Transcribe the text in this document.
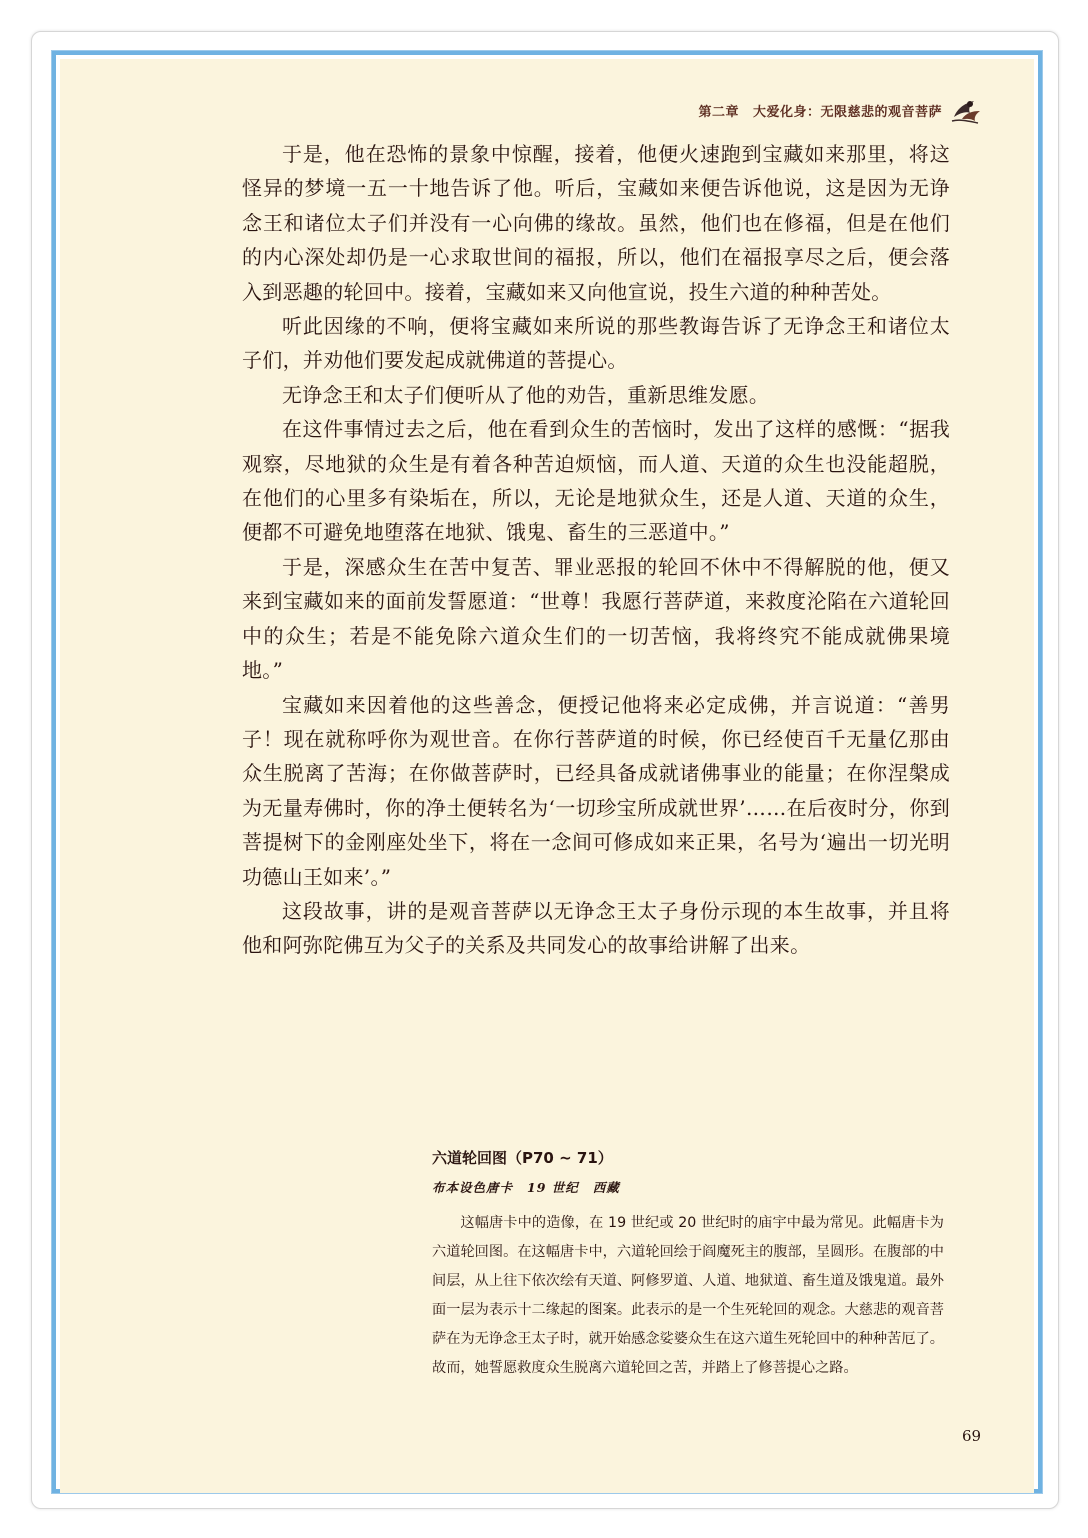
第二章 大爱化身：无限慈悲的观音菩萨

于是，他在恐怖的景象中惊醒，接着，他便火速跑到宝藏如来那里，将这怪异的梦境一五一十地告诉了他。听后，宝藏如来便告诉他说，这是因为无诤念王和诸位太子们并没有一心向佛的缘故。虽然，他们也在修福，但是在他们的内心深处却仍是一心求取世间的福报，所以，他们在福报享尽之后，便会落入到恶趣的轮回中。接着，宝藏如来又向他宣说，投生六道的种种苦处。

听此因缘的不响，便将宝藏如来所说的那些教诲告诉了无诤念王和诸位太子们，并劝他们要发起成就佛道的菩提心。

无诤念王和太子们便听从了他的劝告，重新思维发愿。

在这件事情过去之后，他在看到众生的苦恼时，发出了这样的感慨：“据我观察，尽地狱的众生是有着各种苦迫烦恼，而人道、天道的众生也没能超脱，在他们的心里多有染垢在，所以，无论是地狱众生，还是人道、天道的众生，便都不可避免地堕落在地狱、饿鬼、畜生的三恶道中。”

于是，深感众生在苦中复苦、罪业恶报的轮回不休中不得解脱的他，便又来到宝藏如来的面前发誓愿道：“世尊！我愿行菩萨道，来救度沦陷在六道轮回中的众生；若是不能免除六道众生们的一切苦恼，我将终究不能成就佛果境地。”

宝藏如来因着他的这些善念，便授记他将来必定成佛，并言说道：“善男子！现在就称呼你为观世音。在你行菩萨道的时候，你已经使百千无量亿那由众生脱离了苦海；在你做菩萨时，已经具备成就诸佛事业的能量；在你涅槃成为无量寿佛时，你的净土便转名为‘一切珍宝所成就世界’……在后夜时分，你到菩提树下的金刚座处坐下，将在一念间可修成如来正果，名号为‘遍出一切光明功德山王如来’。”

这段故事，讲的是观音菩萨以无诤念王太子身份示现的本生故事，并且将他和阿弥陀佛互为父子的关系及共同发心的故事给讲解了出来。

六道轮回图（P70 ~ 71）
布本设色唐卡 19 世纪 西藏

这幅唐卡中的造像，在 19 世纪或 20 世纪时的庙宇中最为常见。此幅唐卡为六道轮回图。在这幅唐卡中，六道轮回绘于阎魔死主的腹部，呈圆形。在腹部的中间层，从上往下依次绘有天道、阿修罗道、人道、地狱道、畜生道及饿鬼道。最外面一层为表示十二缘起的图案。此表示的是一个生死轮回的观念。大慈悲的观音菩萨在为无诤念王太子时，就开始感念娑婆众生在这六道生死轮回中的种种苦厄了。故而，她誓愿救度众生脱离六道轮回之苦，并踏上了修菩提心之路。

69
